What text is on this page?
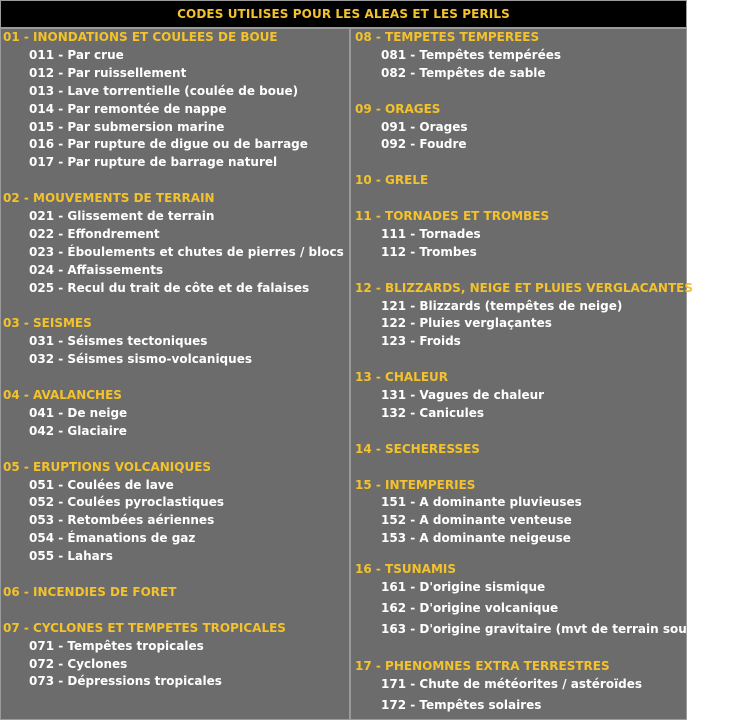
CODES UTILISES POUR LES ALEAS ET LES PERILS
01 - INONDATIONS ET COULEES DE BOUE
011 - Par crue
012 - Par ruissellement
013 - Lave torrentielle (coulée de boue)
014 - Par remontée de nappe
015 - Par submersion marine
016 - Par rupture de digue ou de barrage
017 - Par rupture de barrage naturel
02 - MOUVEMENTS DE TERRAIN
021 - Glissement de terrain
022 - Effondrement
023 - Éboulements et chutes de pierres / blocs
024 - Affaissements
025 - Recul du trait de côte et de falaises
03 - SEISMES
031 - Séismes tectoniques
032 - Séismes sismo-volcaniques
04 - AVALANCHES
041 - De neige
042 - Glaciaire
05 - ERUPTIONS VOLCANIQUES
051 - Coulées de lave
052 - Coulées pyroclastiques
053 - Retombées aériennes
054 - Émanations de gaz
055 - Lahars
06 - INCENDIES DE FORET
07 - CYCLONES ET TEMPETES TROPICALES
071 - Tempêtes tropicales
072 - Cyclones
073 - Dépressions tropicales
08 - TEMPETES TEMPEREES
081 - Tempêtes tempérées
082 - Tempêtes de sable
09 - ORAGES
091 - Orages
092 - Foudre
10 - GRELE
11 - TORNADES ET TROMBES
111 - Tornades
112 - Trombes
12 - BLIZZARDS, NEIGE ET PLUIES VERGLACANTES
121 - Blizzards (tempêtes de neige)
122 - Pluies verglaçantes
123 - Froids
13 - CHALEUR
131 - Vagues de chaleur
132 - Canicules
14 - SECHERESSES
15 - INTEMPERIES
151 - A dominante pluvieuses
152 - A dominante venteuse
153 - A dominante neigeuse
16 - TSUNAMIS
161 - D'origine sismique
162 - D'origine volcanique
163 - D'origine gravitaire (mvt de terrain sous-marin)
17 - PHENOMNES EXTRA TERRESTRES
171 - Chute de météorites / astéroïdes
172 - Tempêtes solaires
